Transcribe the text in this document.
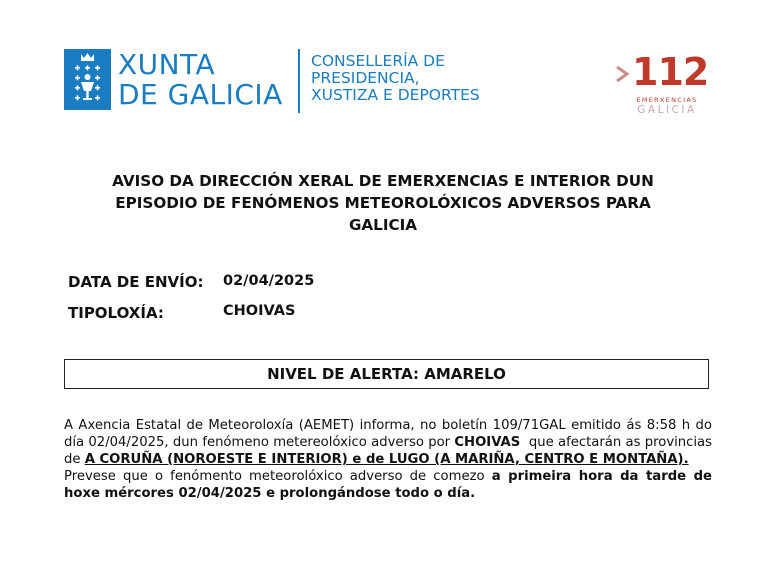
XUNTA
DE GALICIA
CONSELLERÍA DE
PRESIDENCIA,
XUSTIZA E DEPORTES
112
EMERXENCIAS
GALICIA
AVISO DA DIRECCIÓN XERAL DE EMERXENCIAS E INTERIOR DUN
EPISODIO DE FENÓMENOS METEOROLÓXICOS ADVERSOS PARA
GALICIA
DATA DE ENVÍO: 02/04/2025
TIPOLOXÍA:	CHOIVAS
NIVEL DE ALERTA: AMARELO
A Axencia Estatal de Meteoroloxía (AEMET) informa, no boletín 109/71GAL emitido ás 8:58 h do día 02/04/2025, dun fenómeno metereolóxico adverso por CHOIVAS  que afectarán as provincias de A CORUÑA (NOROESTE E INTERIOR) e de LUGO (A MARIÑA, CENTRO E MONTAÑA).
Prevese que o fenómento meteorolóxico adverso de comezo a primeira hora da tarde de hoxe mércores 02/04/2025 e prolongándose todo o día.
